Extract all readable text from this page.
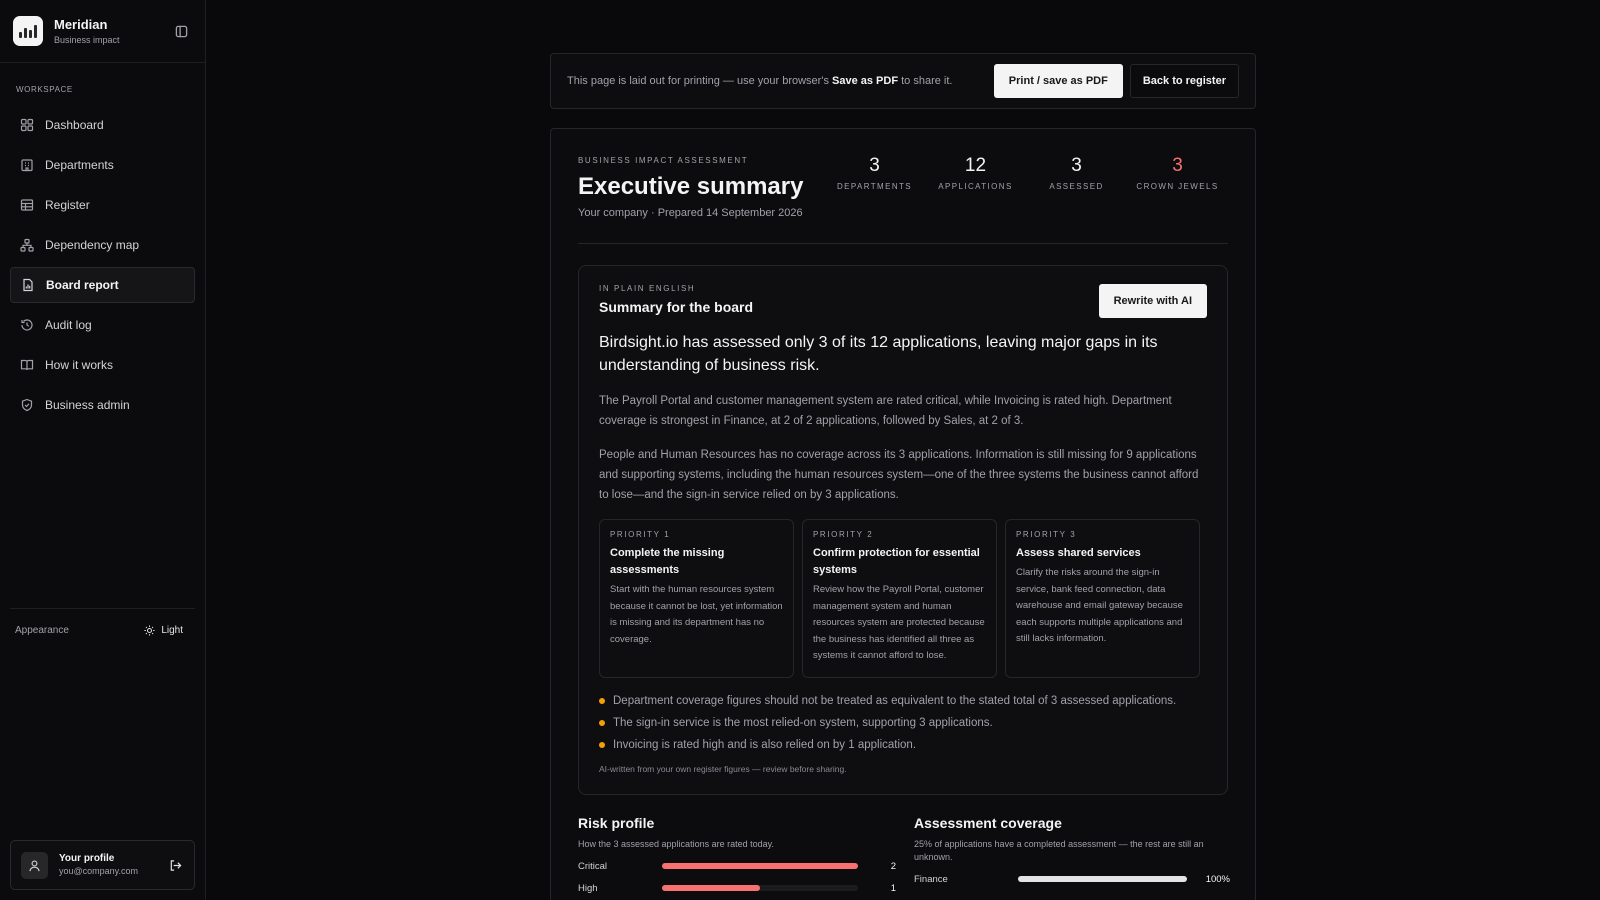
Meridian
Business impact
WORKSPACE
Dashboard
Departments
Register
Dependency map
Board report
Audit log
How it works
Business admin
Appearance	Light
Your profile
you@company.com
This page is laid out for printing — use your browser's Save as PDF to share it.	Print / save as PDF	Back to register
BUSINESS IMPACT ASSESSMENT
Executive summary
Your company · Prepared 14 September 2026
3
DEPARTMENTS
12
APPLICATIONS
3
ASSESSED
3
CROWN JEWELS
IN PLAIN ENGLISH
Summary for the board	Rewrite with AI

Birdsight.io has assessed only 3 of its 12 applications, leaving major gaps in its understanding of business risk.

The Payroll Portal and customer management system are rated critical, while Invoicing is rated high. Department coverage is strongest in Finance, at 2 of 2 applications, followed by Sales, at 2 of 3.

People and Human Resources has no coverage across its 3 applications. Information is still missing for 9 applications and supporting systems, including the human resources system—one of the three systems the business cannot afford to lose—and the sign-in service relied on by 3 applications.

PRIORITY 1
Complete the missing assessments
Start with the human resources system because it cannot be lost, yet information is missing and its department has no coverage.
PRIORITY 2
Confirm protection for essential systems
Review how the Payroll Portal, customer management system and human resources system are protected because the business has identified all three as systems it cannot afford to lose.
PRIORITY 3
Assess shared services
Clarify the risks around the sign-in service, bank feed connection, data warehouse and email gateway because each supports multiple applications and still lacks information.
Department coverage figures should not be treated as equivalent to the stated total of 3 assessed applications.
The sign-in service is the most relied-on system, supporting 3 applications.
Invoicing is rated high and is also relied on by 1 application.
AI-written from your own register figures — review before sharing.
Risk profile
How the 3 assessed applications are rated today.
Critical	2
High	1
Assessment coverage
25% of applications have a completed assessment — the rest are still an unknown.
Finance	100%
